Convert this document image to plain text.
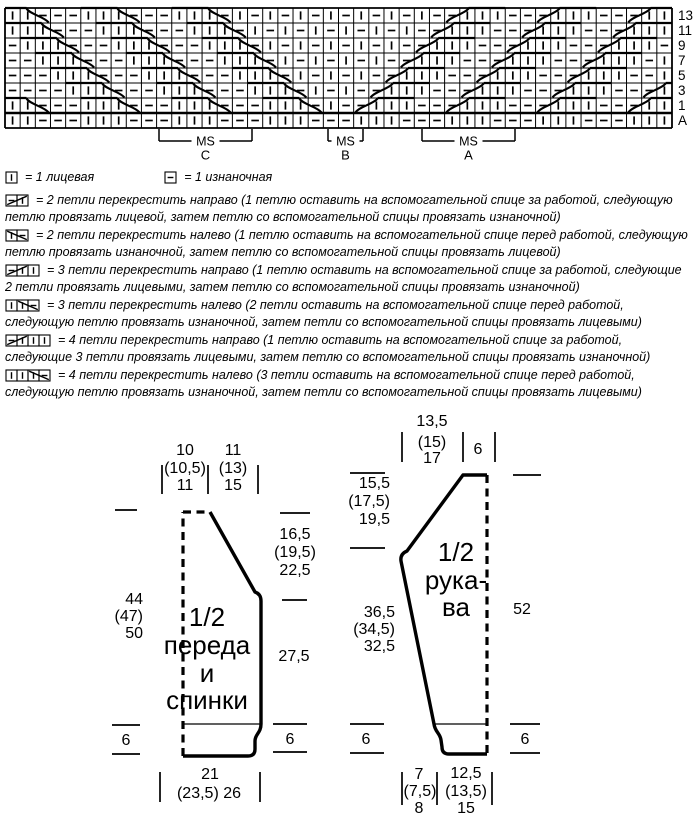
13
11
9
7
5
3
1
A
MS
C
MS
B
MS
A
= 1 лицевая	= 1 изнаночная
= 2 петли перекрестить направо (1 петлю оставить на вспомогательной спице за работой, следующую петлю провязать лицевой, затем петлю со вспомогательной спицы провязать изнаночной)
= 2 петли перекрестить налево (1 петлю оставить на вспомогательной спице перед работой, следующую петлю провязать изнаночной, затем петлю со вспомогательной спицы провязать лицевой)
= 3 петли перекрестить направо (1 петлю оставить на вспомогательной спице за работой, следующие 2 петли провязать лицевыми, затем петлю со вспомогательной спицы провязать изнаночной)
= 3 петли перекрестить налево (2 петли оставить на вспомогательной спице перед работой, следующую петлю провязать изнаночной, затем петли со вспомогательной спицы провязать лицевыми)
= 4 петли перекрестить направо (1 петлю оставить на вспомогательной спице за работой, следующие 3 петли провязать лицевыми, затем петлю со вспомогательной спицы провязать изнаночной)
= 4 петли перекрестить налево (3 петли оставить на вспомогательной спице перед работой, следующую петлю провязать изнаночной, затем петли со вспомогательной спицы провязать лицевыми)
10
(10,5)
11
11
(13)
15
16,5
(19,5)
22,5
44
(47)
50
27,5
6	6
21
(23,5) 26
1/2
переда
и
спинки
13,5
(15)
17
6
15,5
(17,5)
19,5
36,5
(34,5)
32,5
52
6	6
7
(7,5)
8
12,5
(13,5)
15
1/2
рука-
ва
